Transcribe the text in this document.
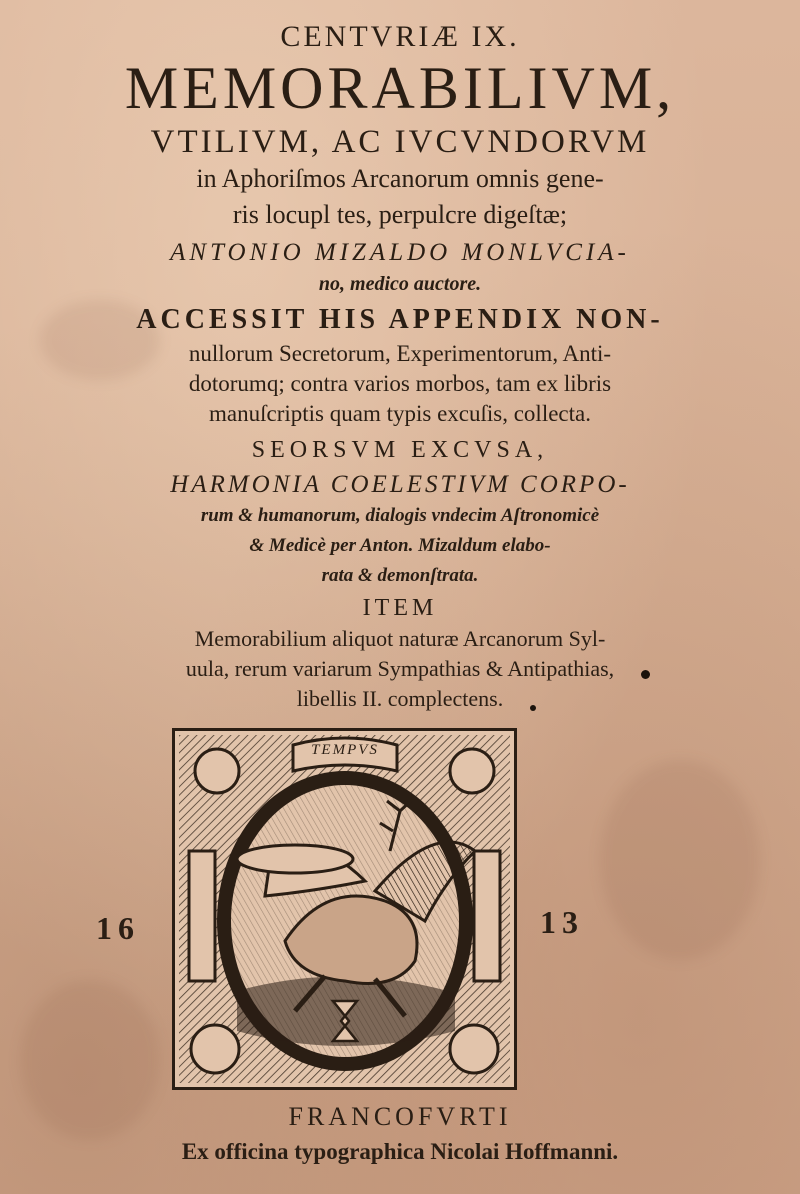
CENTVRIÆ IX.
MEMORABILIVM,
VTILIVM, AC IVCVNDORVM
in Aphoriſmos Arcanorum omnis gene-
ris locupl tes, perpulcre digeſtæ;
ANTONIO MIZALDO MONLVCIA-
no, medico auctore.
ACCESSIT HIS APPENDIX NON-
nullorum Secretorum, Experimentorum, Anti-
dotorumq; contra varios morbos, tam ex libris
manuſcriptis quam typis excuſis, collecta.
SEORSVM EXCVSA,
HARMONIA COELESTIVM CORPO-
rum & humanorum, dialogis vndecim Aſtronomicè
& Medicè per Anton. Mizaldum elabo-
rata & demonſtrata.
ITEM
Memorabilium aliquot naturæ Arcanorum Syl-
uula, rerum variarum Sympathias & Antipathias,
libellis II. complectens.
TEMPVS
16	13
FRANCOFVRTI
Ex officina typographica Nicolai Hoffmanni.
